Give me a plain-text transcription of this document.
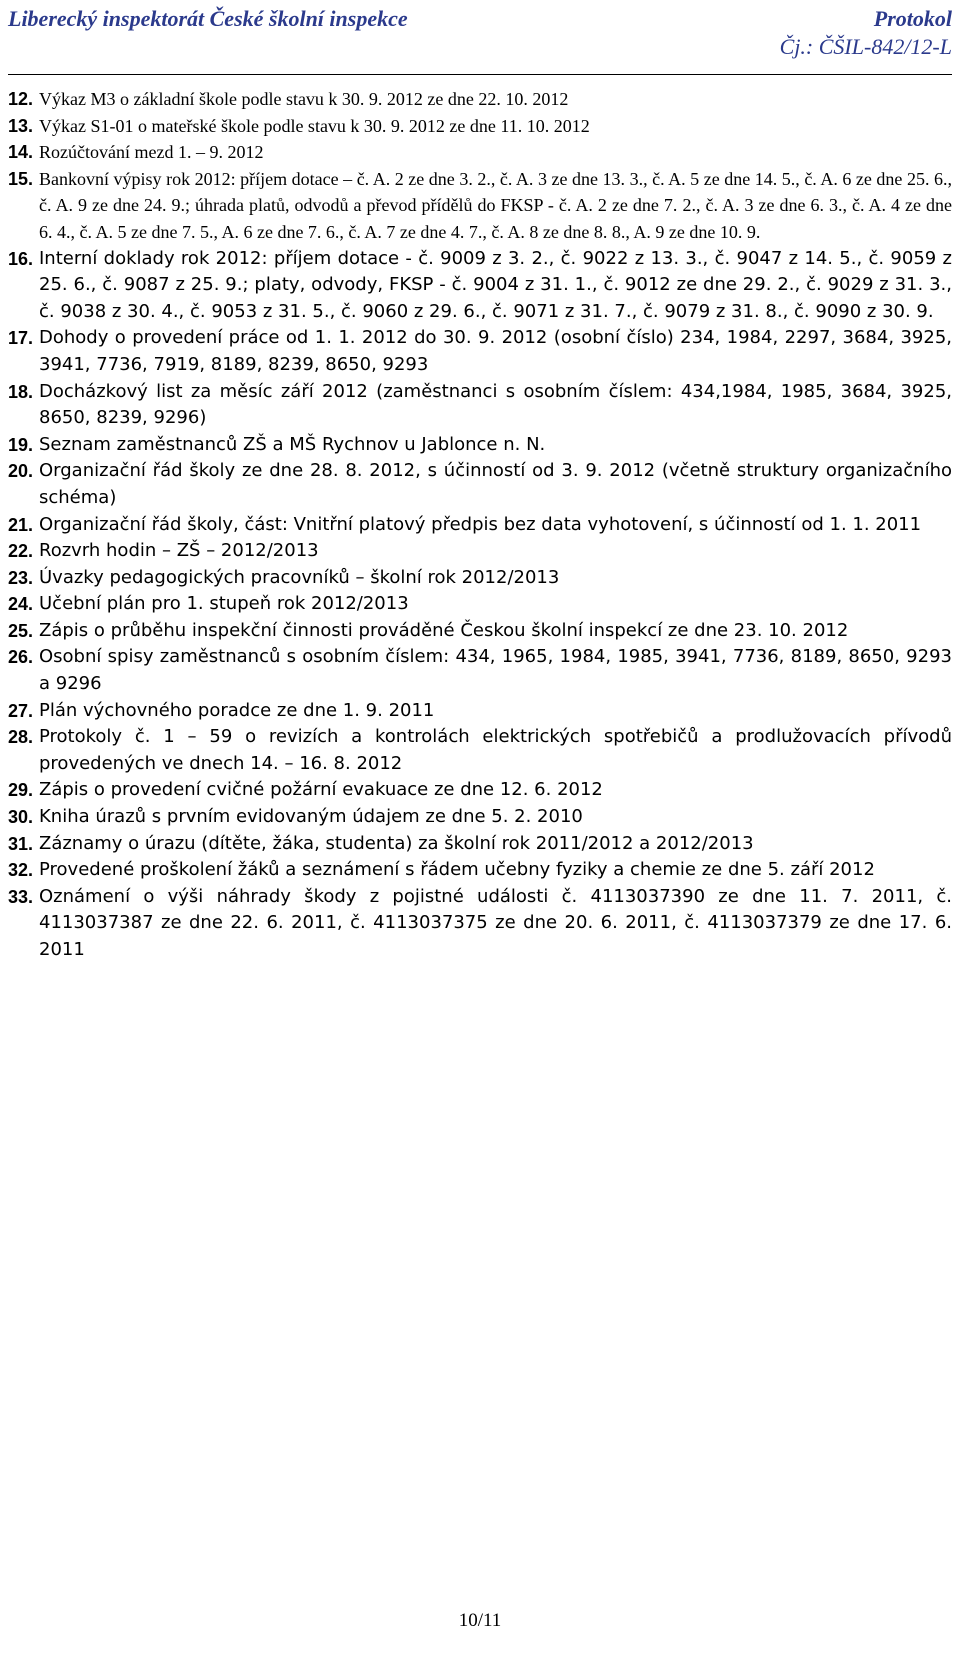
Liberecký inspektorát České školní inspekce	Protokol
Čj.: ČŠIL-842/12-L
12. Výkaz M3 o základní škole podle stavu k 30. 9. 2012 ze dne 22. 10. 2012
13. Výkaz S1-01 o mateřské škole podle stavu k 30. 9. 2012 ze dne 11. 10. 2012
14. Rozúčtování mezd 1. – 9. 2012
15. Bankovní výpisy rok 2012: příjem dotace – č. A. 2 ze dne 3. 2., č. A. 3 ze dne 13. 3., č. A. 5 ze dne 14. 5., č. A. 6 ze dne 25. 6., č. A. 9 ze dne 24. 9.; úhrada platů, odvodů a převod přídělů do FKSP - č. A. 2 ze dne 7. 2., č. A. 3 ze dne 6. 3., č. A. 4 ze dne 6. 4., č. A. 5 ze dne 7. 5., A. 6 ze dne 7. 6., č. A. 7 ze dne 4. 7., č. A. 8 ze dne 8. 8., A. 9 ze dne 10. 9.
16. Interní doklady rok 2012: příjem dotace - č. 9009 z 3. 2., č. 9022 z 13. 3., č. 9047 z 14. 5., č. 9059 z 25. 6., č. 9087 z 25. 9.; platy, odvody, FKSP - č. 9004 z 31. 1., č. 9012 ze dne 29. 2., č. 9029 z 31. 3., č. 9038 z 30. 4., č. 9053 z 31. 5., č. 9060 z 29. 6., č. 9071 z 31. 7., č. 9079 z 31. 8., č. 9090 z 30. 9.
17. Dohody o provedení práce od 1. 1. 2012 do 30. 9. 2012 (osobní číslo) 234, 1984, 2297, 3684, 3925, 3941, 7736, 7919, 8189, 8239, 8650, 9293
18. Docházkový list za měsíc září 2012 (zaměstnanci s osobním číslem: 434,1984, 1985, 3684, 3925, 8650, 8239, 9296)
19. Seznam zaměstnanců ZŠ a MŠ Rychnov u Jablonce n. N.
20. Organizační řád školy ze dne 28. 8. 2012, s účinností od 3. 9. 2012 (včetně struktury organizačního schéma)
21. Organizační řád školy, část: Vnitřní platový předpis bez data vyhotovení, s účinností od 1. 1. 2011
22. Rozvrh hodin – ZŠ – 2012/2013
23. Úvazky pedagogických pracovníků – školní rok 2012/2013
24. Učební plán pro 1. stupeň rok 2012/2013
25. Zápis o průběhu inspekční činnosti prováděné Českou školní inspekcí ze dne 23. 10. 2012
26. Osobní spisy zaměstnanců s osobním číslem: 434, 1965, 1984, 1985, 3941, 7736, 8189, 8650, 9293 a 9296
27. Plán výchovného poradce ze dne 1. 9. 2011
28. Protokoly č. 1 – 59 o revizích a kontrolách elektrických spotřebičů a prodlužovacích přívodů provedených ve dnech 14. – 16. 8. 2012
29. Zápis o provedení cvičné požární evakuace ze dne 12. 6. 2012
30. Kniha úrazů s prvním evidovaným údajem ze dne 5. 2. 2010
31. Záznamy o úrazu (dítěte, žáka, studenta) za školní rok 2011/2012 a 2012/2013
32. Provedené proškolení žáků a seznámení s řádem učebny fyziky a chemie ze dne 5. září 2012
33. Oznámení o výši náhrady škody z pojistné události č. 4113037390 ze dne 11. 7. 2011, č. 4113037387 ze dne 22. 6. 2011, č. 4113037375 ze dne 20. 6. 2011, č. 4113037379 ze dne 17. 6. 2011
10/11
